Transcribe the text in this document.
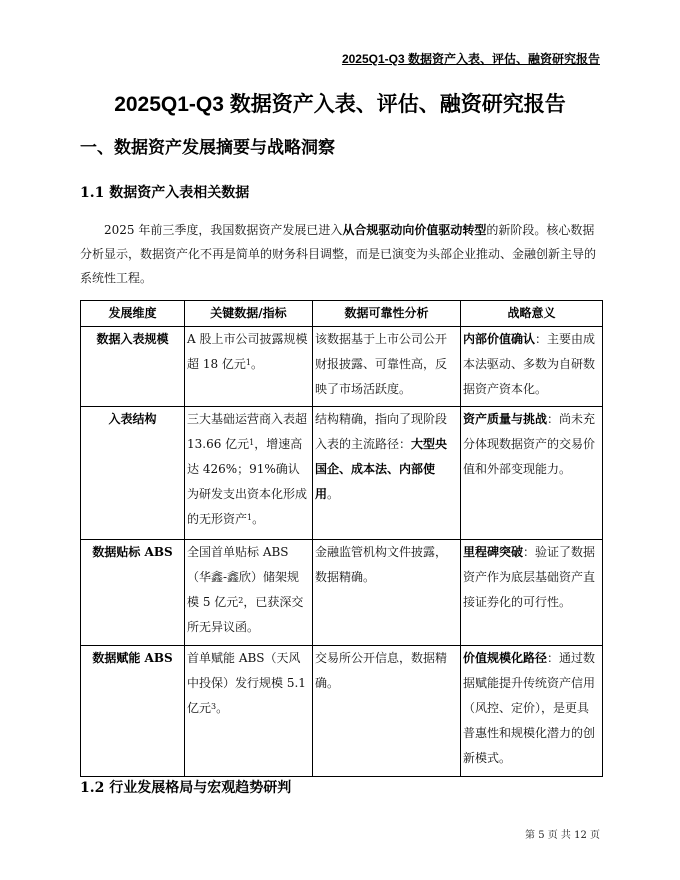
2025Q1-Q3 数据资产入表、评估、融资研究报告
2025Q1-Q3 数据资产入表、评估、融资研究报告
一、数据资产发展摘要与战略洞察
1.1 数据资产入表相关数据

2025 年前三季度，我国数据资产发展已进入从合规驱动向价值驱动转型的新阶段。核心数据分析显示，数据资产化不再是简单的财务科目调整，而是已演变为头部企业推动、金融创新主导的系统性工程。

发展维度	关键数据/指标	数据可靠性分析	战略意义
数据入表规模	A 股上市公司披露规模超 18 亿元$^1$。	该数据基于上市公司公开财报披露、可靠性高，反映了市场活跃度。	内部价值确认：主要由成本法驱动、多数为自研数据资产资本化。
入表结构	三大基础运营商入表超 13.66 亿元$^1$，增速高达 426%；91%确认为研发支出资本化形成的无形资产$^1$。	结构精确，指向了现阶段入表的主流路径：大型央国企、成本法、内部使用。	资产质量与挑战：尚未充分体现数据资产的交易价值和外部变现能力。
数据贴标 ABS	全国首单贴标 ABS（华鑫-鑫欣）储架规模 5 亿元$^2$，已获深交所无异议函。	金融监管机构文件披露，数据精确。	里程碑突破：验证了数据资产作为底层基础资产直接证券化的可行性。
数据赋能 ABS	首单赋能 ABS（天风中投保）发行规模 5.1 亿元$^3$。	交易所公开信息，数据精确。	价值规模化路径：通过数据赋能提升传统资产信用（风控、定价），是更具普惠性和规模化潜力的创新模式。
1.2 行业发展格局与宏观趋势研判
第 5 页 共 12 页
